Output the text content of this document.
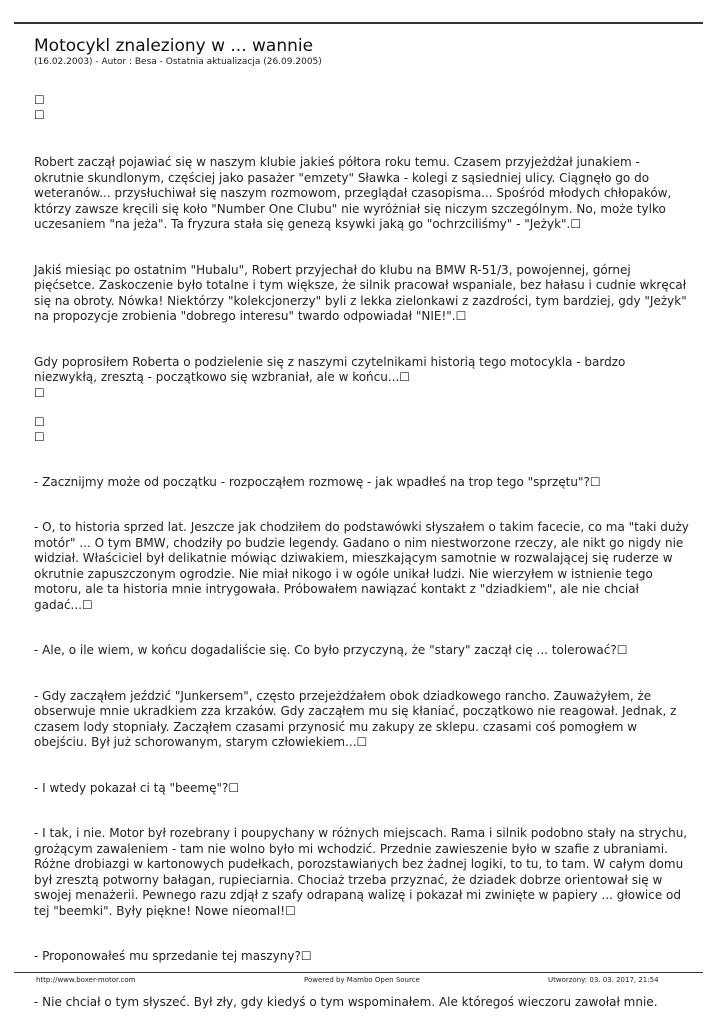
Motocykl znaleziony w ... wannie
(16.02.2003) - Autor : Besa - Ostatnia aktualizacja (26.09.2005)
☐
☐

Robert zaczął pojawiać się w naszym klubie jakieś półtora roku temu. Czasem przyjeżdżał junakiem - okrutnie skundlonym, częściej jako pasażer "emzety" Sławka - kolegi z sąsiedniej ulicy. Ciągnęło go do weteranów... przysłuchiwał się naszym rozmowom, przeglądał czasopisma... Spośród młodych chłopaków, którzy zawsze kręcili się koło "Number One CIubu" nie wyróżniał się niczym szczególnym. No, może tylko uczesaniem "na jeża". Ta fryzura stała się genezą ksywki jaką go "ochrzciliśmy" - "Jeżyk".☐

Jakiś miesiąc po ostatnim "Hubalu", Robert przyjechał do klubu na BMW R-51/3, powojennej, górnej pięćsetce. Zaskoczenie było totalne i tym większe, że silnik pracował wspaniale, bez hałasu i cudnie wkręcał się na obroty. Nówka! Niektórzy "kolekcjonerzy" byli z lekka zielonkawi z zazdrości, tym bardziej, gdy "Jeżyk" na propozycje zrobienia "dobrego interesu" twardo odpowiadał "NIE!".☐

Gdy poprosiłem Roberta o podzielenie się z naszymi czytelnikami historią tego motocykla - bardzo niezwykłą, zresztą - początkowo się wzbraniał, ale w końcu...☐

☐
☐
☐

- Zacznijmy może od początku - rozpocząłem rozmowę - jak wpadłeś na trop tego "sprzętu"?☐

- O, to historia sprzed lat. Jeszcze jak chodziłem do podstawówki słyszałem o takim facecie, co ma "taki duży motór" ... O tym BMW, chodziły po budzie legendy. Gadano o nim niestworzone rzeczy, ale nikt go nigdy nie widział. Właściciel był delikatnie mówiąc dziwakiem, mieszkającym samotnie w rozwalającej się ruderze w okrutnie zapuszczonym ogrodzie. Nie miał nikogo i w ogóle unikał ludzi. Nie wierzyłem w istnienie tego motoru, ale ta historia mnie intrygowała. Próbowałem nawiązać kontakt z "dziadkiem", ale nie chciał gadać...☐

- Ale, o ile wiem, w końcu dogadaliście się. Co było przyczyną, że "stary" zaczął cię ... tolerować?☐

- Gdy zacząłem jeździć "Junkersem", często przejeżdżałem obok dziadkowego rancho. Zauważyłem, że obserwuje mnie ukradkiem zza krzaków. Gdy zacząłem mu się kłaniać, początkowo nie reagował. Jednak, z czasem lody stopniały. Zacząłem czasami przynosić mu zakupy ze sklepu. czasami coś pomogłem w obejściu. Był już schorowanym, starym człowiekiem...☐

- I wtedy pokazał ci tą "beemę"?☐

- I tak, i nie. Motor był rozebrany i poupychany w różnych miejscach. Rama i silnik podobno stały na strychu, grożącym zawaleniem - tam nie wolno było mi wchodzić. Przednie zawieszenie było w szafie z ubraniami. Różne drobiazgi w kartonowych pudełkach, porozstawianych bez żadnej logiki, to tu, to tam. W całym domu był zresztą potworny bałagan, rupieciarnia. Chociaż trzeba przyznać, że dziadek dobrze orientował się w swojej menażerii. Pewnego razu zdjął z szafy odrapaną walizę i pokazał mi zwinięte w papiery ... głowice od tej "beemki". Były piękne! Nowe nieomal!☐

- Proponowałeś mu sprzedanie tej maszyny?☐

- Nie chciał o tym słyszeć. Był zły, gdy kiedyś o tym wspominałem. Ale któregoś wieczoru zawołał mnie.

http://www.boxer-motor.com	Powered by Mambo Open Source	Utworzony: 03. 03. 2017, 21:54
